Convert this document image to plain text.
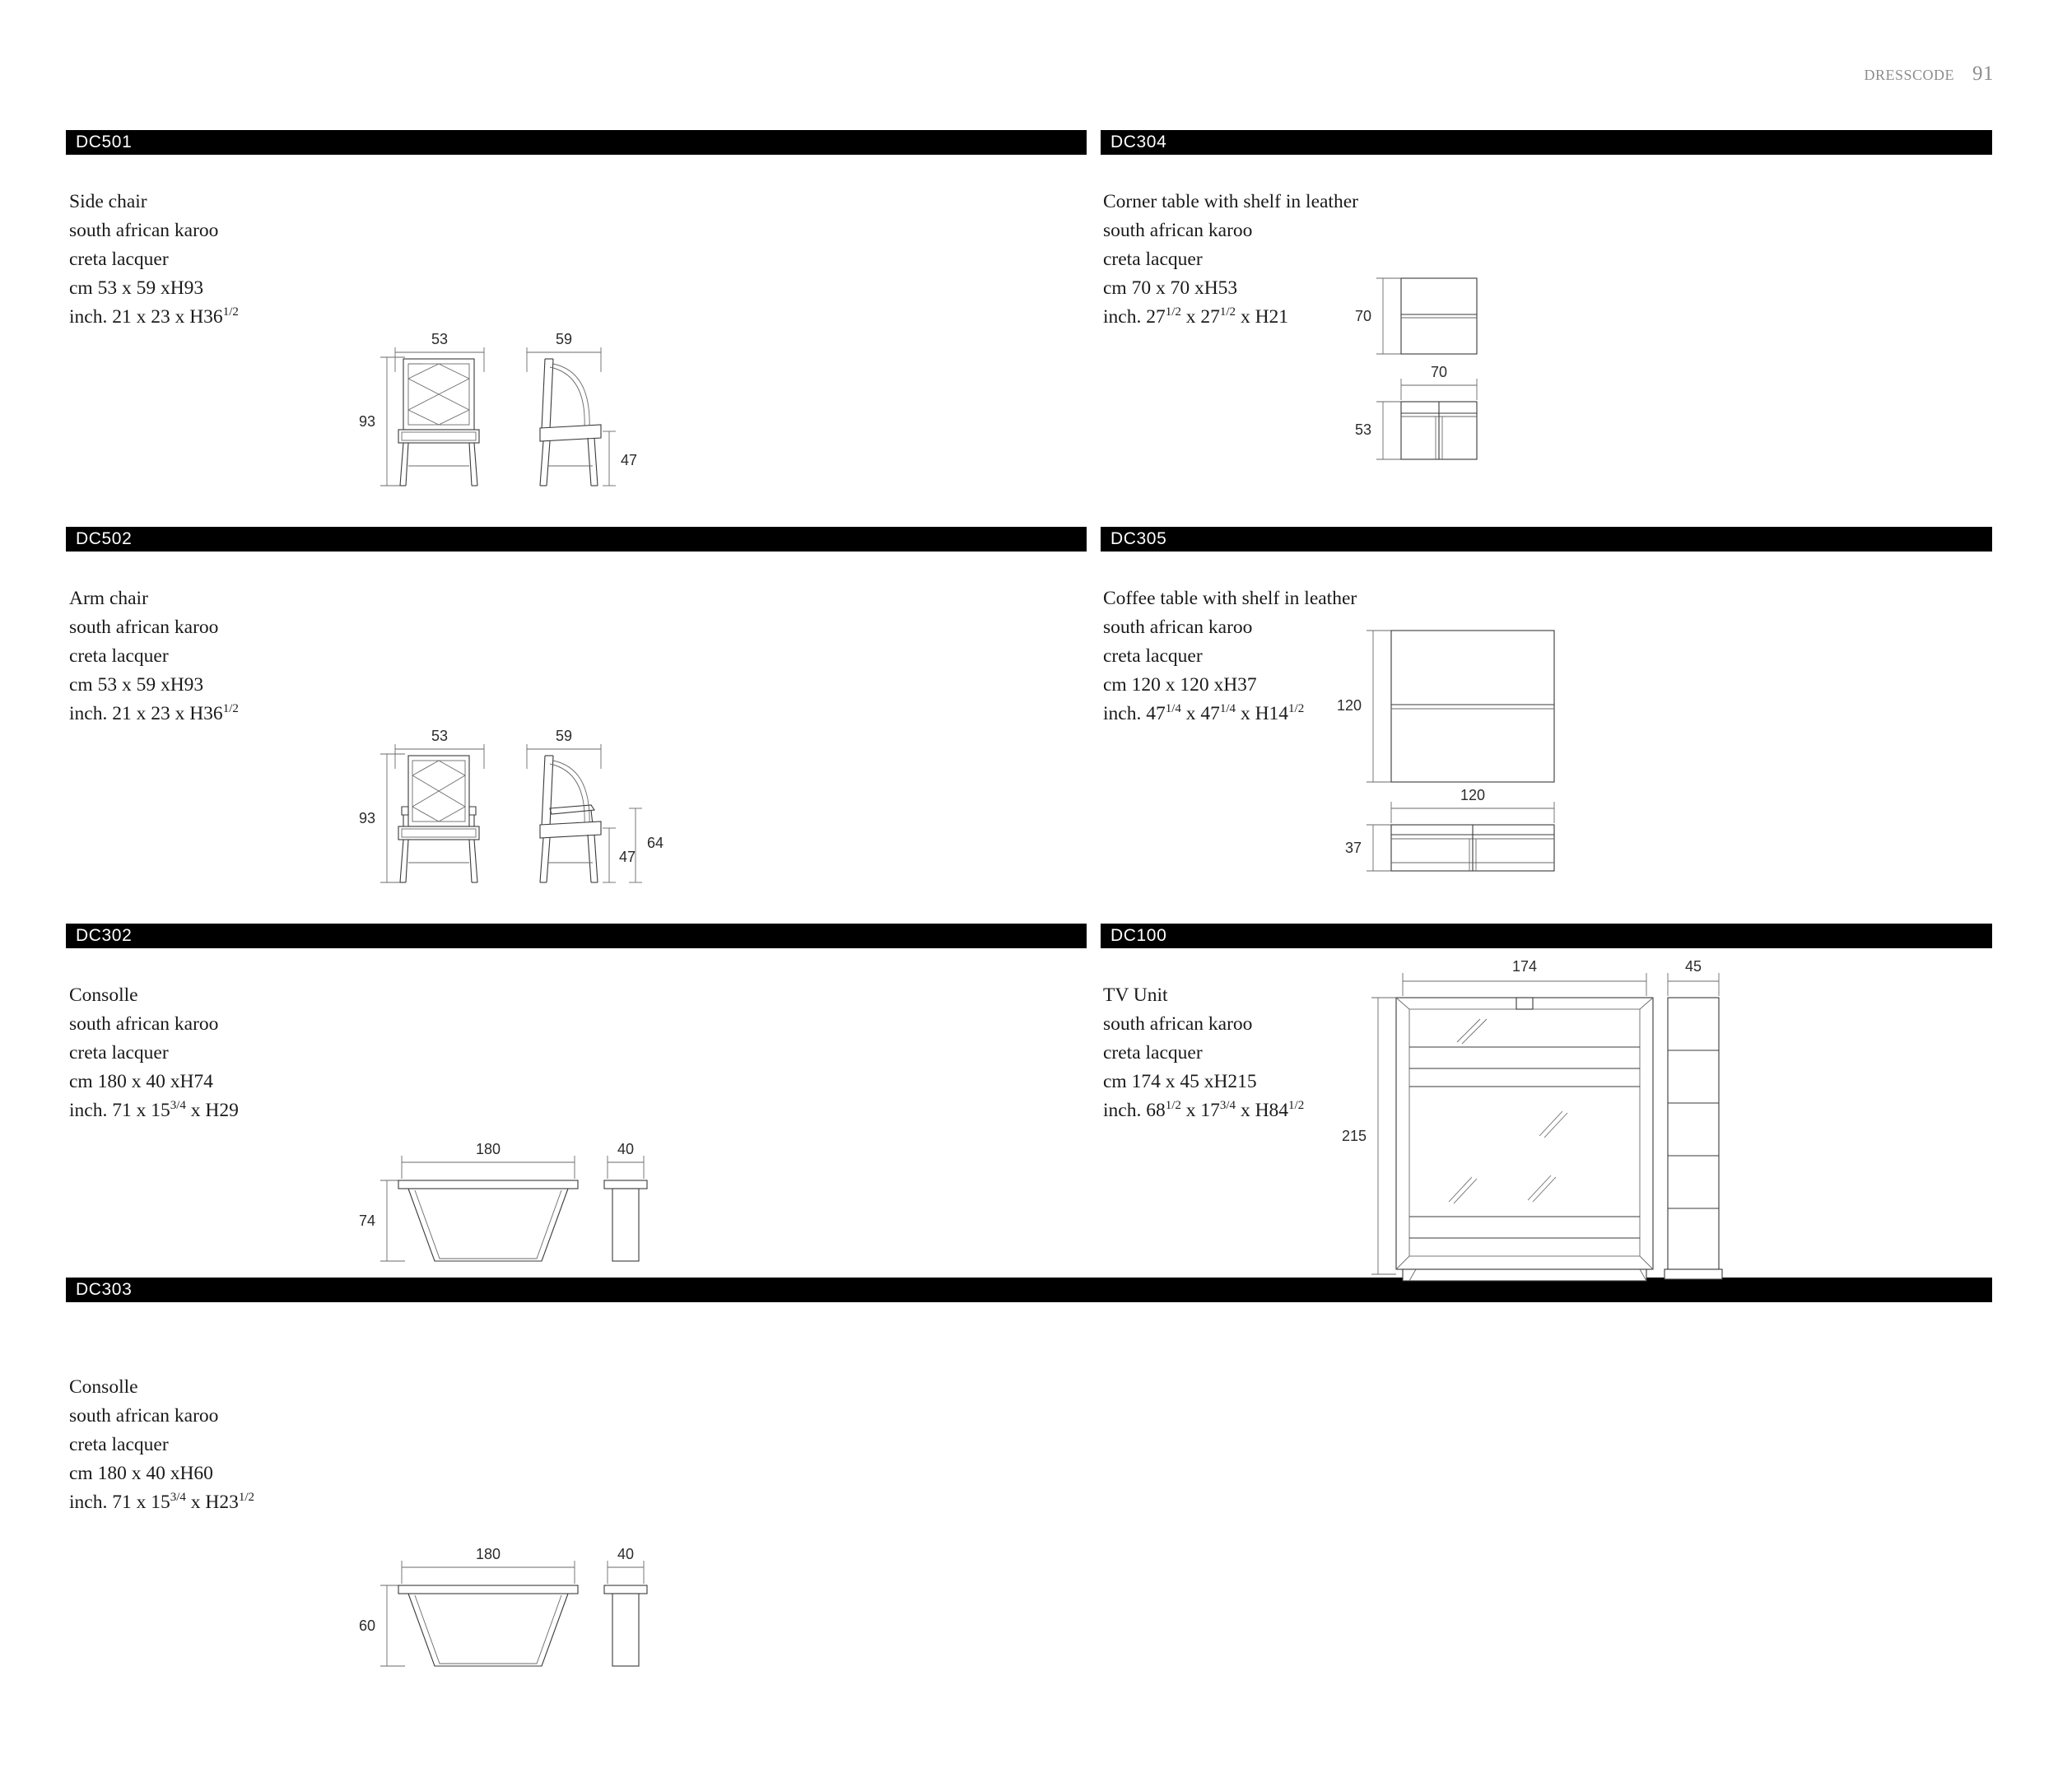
dresscode 91
DC501
Side chair
south african karoo
creta lacquer
cm 53 x 59 xH93
inch. 21 x 23 x $H36^{1/2}$
53
93
59
47
DC502
Arm chair
south african karoo
creta lacquer
cm 53 x 59 xH93
inch. 21 x 23 x $H36^{1/2}$
53
93
59
47
64
DC302
Consolle
south african karoo
creta lacquer
cm 180 x 40 xH74
inch. 71 x $15^{3/4}$ x H29
180
74
40
DC303
Consolle
south african karoo
creta lacquer
cm 180 x 40 xH60
inch. 71 x $15^{3/4}$ x $H23^{1/2}$
180
60
40
DC304
Corner table with shelf in leather
south african karoo
creta lacquer
cm 70 x 70 xH53
inch. $27^{1/2}$ x $27^{1/2}$ x H21	70
70
53
DC305
Coffee table with shelf in leather
south african karoo
creta lacquer
cm 120 x 120 xH37
inch. $47^{1/4}$ x $47^{1/4}$ x $H14^{1/2}$	120
120
37
DC100
TV Unit
south african karoo
creta lacquer
cm 174 x 45 xH215
inch. $68^{1/2}$ x $17^{3/4}$ x $H84^{1/2}$
174
215
45
